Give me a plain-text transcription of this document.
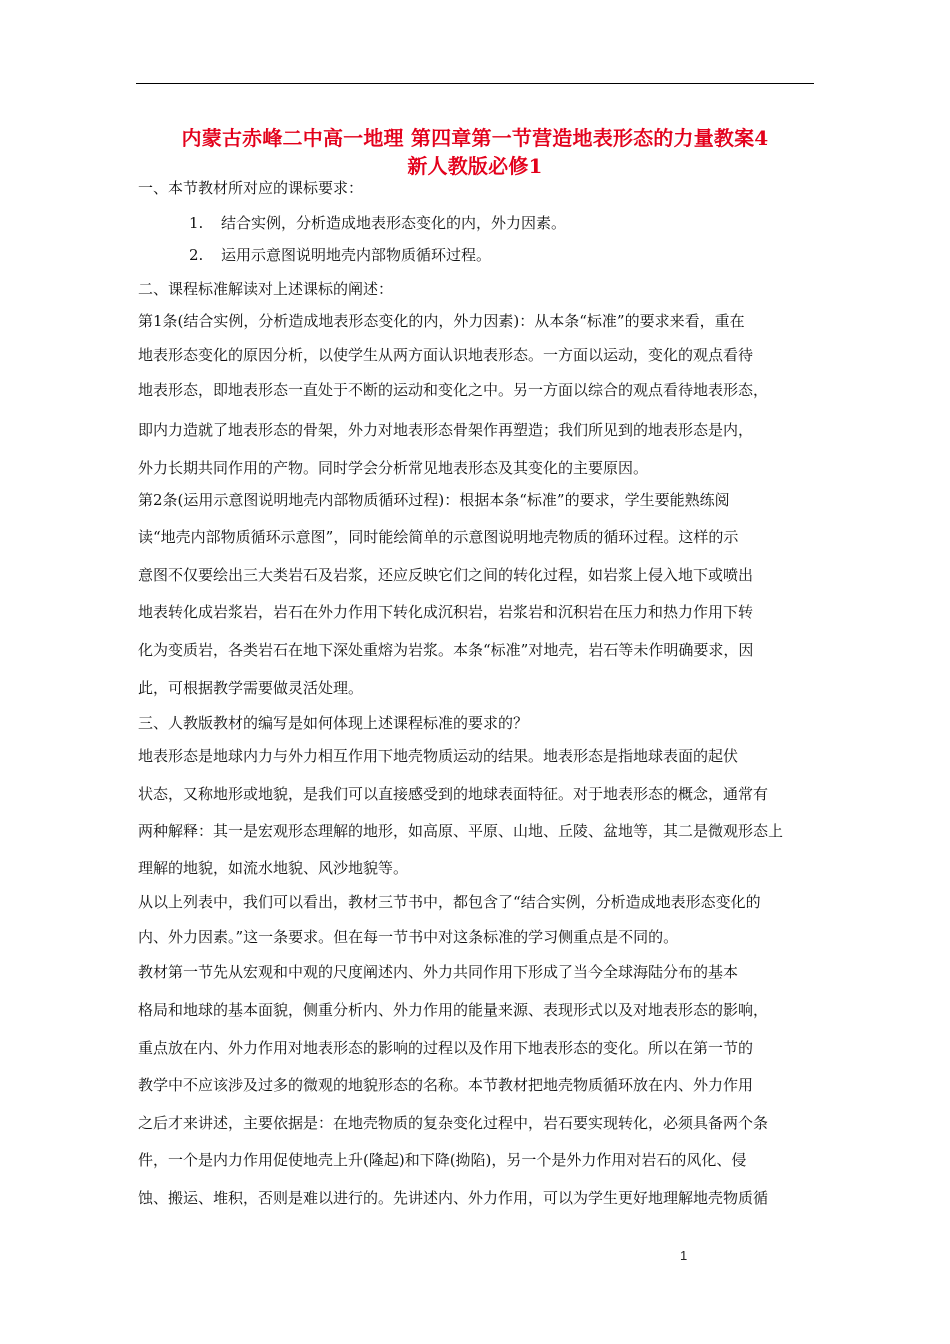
内蒙古赤峰二中高一地理 第四章第一节营造地表形态的力量教案4
新人教版必修1
一、本节教材所对应的课标要求：
1. 结合实例，分析造成地表形态变化的内，外力因素。
2. 运用示意图说明地壳内部物质循环过程。
二、课程标准解读对上述课标的阐述：
第1条(结合实例，分析造成地表形态变化的内，外力因素)：从本条“标准”的要求来看，重在
地表形态变化的原因分析，以使学生从两方面认识地表形态。一方面以运动，变化的观点看待
地表形态，即地表形态一直处于不断的运动和变化之中。另一方面以综合的观点看待地表形态，
即内力造就了地表形态的骨架，外力对地表形态骨架作再塑造；我们所见到的地表形态是内，
外力长期共同作用的产物。同时学会分析常见地表形态及其变化的主要原因。
第2条(运用示意图说明地壳内部物质循环过程)：根据本条“标准”的要求，学生要能熟练阅
读“地壳内部物质循环示意图”，同时能绘简单的示意图说明地壳物质的循环过程。这样的示
意图不仅要绘出三大类岩石及岩浆，还应反映它们之间的转化过程，如岩浆上侵入地下或喷出
地表转化成岩浆岩，岩石在外力作用下转化成沉积岩，岩浆岩和沉积岩在压力和热力作用下转
化为变质岩，各类岩石在地下深处重熔为岩浆。本条“标准”对地壳，岩石等未作明确要求，因
此，可根据教学需要做灵活处理。
三、人教版教材的编写是如何体现上述课程标准的要求的？
地表形态是地球内力与外力相互作用下地壳物质运动的结果。地表形态是指地球表面的起伏
状态，又称地形或地貌，是我们可以直接感受到的地球表面特征。对于地表形态的概念，通常有
两种解释：其一是宏观形态理解的地形，如高原、平原、山地、丘陵、盆地等，其二是微观形态上
理解的地貌，如流水地貌、风沙地貌等。
从以上列表中，我们可以看出，教材三节书中，都包含了“结合实例，分析造成地表形态变化的
内、外力因素。”这一条要求。但在每一节书中对这条标准的学习侧重点是不同的。
教材第一节先从宏观和中观的尺度阐述内、外力共同作用下形成了当今全球海陆分布的基本
格局和地球的基本面貌，侧重分析内、外力作用的能量来源、表现形式以及对地表形态的影响，
重点放在内、外力作用对地表形态的影响的过程以及作用下地表形态的变化。所以在第一节的
教学中不应该涉及过多的微观的地貌形态的名称。本节教材把地壳物质循环放在内、外力作用
之后才来讲述，主要依据是：在地壳物质的复杂变化过程中，岩石要实现转化，必须具备两个条
件，一个是内力作用促使地壳上升(隆起)和下降(拗陷)，另一个是外力作用对岩石的风化、侵
蚀、搬运、堆积，否则是难以进行的。先讲述内、外力作用，可以为学生更好地理解地壳物质循
1
